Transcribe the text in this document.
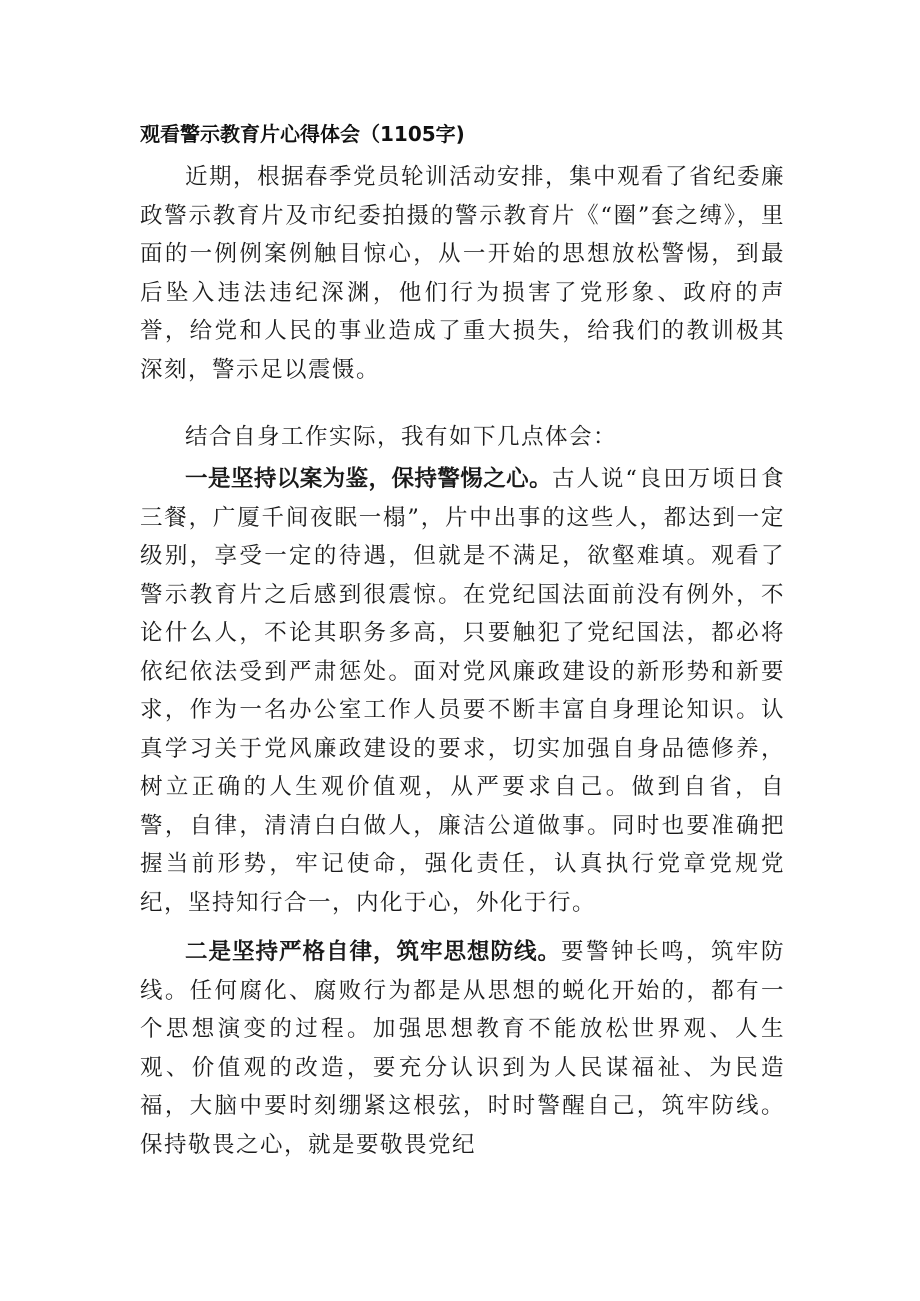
观看警示教育片心得体会（1105字)

近期，根据春季党员轮训活动安排，集中观看了省纪委廉政警示教育片及市纪委拍摄的警示教育片《“圈”套之缚》，里面的一例例案例触目惊心，从一开始的思想放松警惕，到最后坠入违法违纪深渊，他们行为损害了党形象、政府的声誉，给党和人民的事业造成了重大损失，给我们的教训极其深刻，警示足以震慑。

结合自身工作实际，我有如下几点体会：

一是坚持以案为鉴，保持警惕之心。古人说“良田万顷日食三餐，广厦千间夜眠一榻”，片中出事的这些人，都达到一定级别，享受一定的待遇，但就是不满足，欲壑难填。观看了警示教育片之后感到很震惊。在党纪国法面前没有例外，不论什么人，不论其职务多高，只要触犯了党纪国法，都必将依纪依法受到严肃惩处。面对党风廉政建设的新形势和新要求，作为一名办公室工作人员要不断丰富自身理论知识。认真学习关于党风廉政建设的要求，切实加强自身品德修养，树立正确的人生观价值观，从严要求自己。做到自省，自警，自律，清清白白做人，廉洁公道做事。同时也要准确把握当前形势，牢记使命，强化责任，认真执行党章党规党纪，坚持知行合一，内化于心，外化于行。

二是坚持严格自律，筑牢思想防线。要警钟长鸣，筑牢防线。任何腐化、腐败行为都是从思想的蜕化开始的，都有一个思想演变的过程。加强思想教育不能放松世界观、人生观、价值观的改造，要充分认识到为人民谋福祉、为民造福，大脑中要时刻绷紧这根弦，时时警醒自己，筑牢防线。保持敬畏之心，就是要敬畏党纪
